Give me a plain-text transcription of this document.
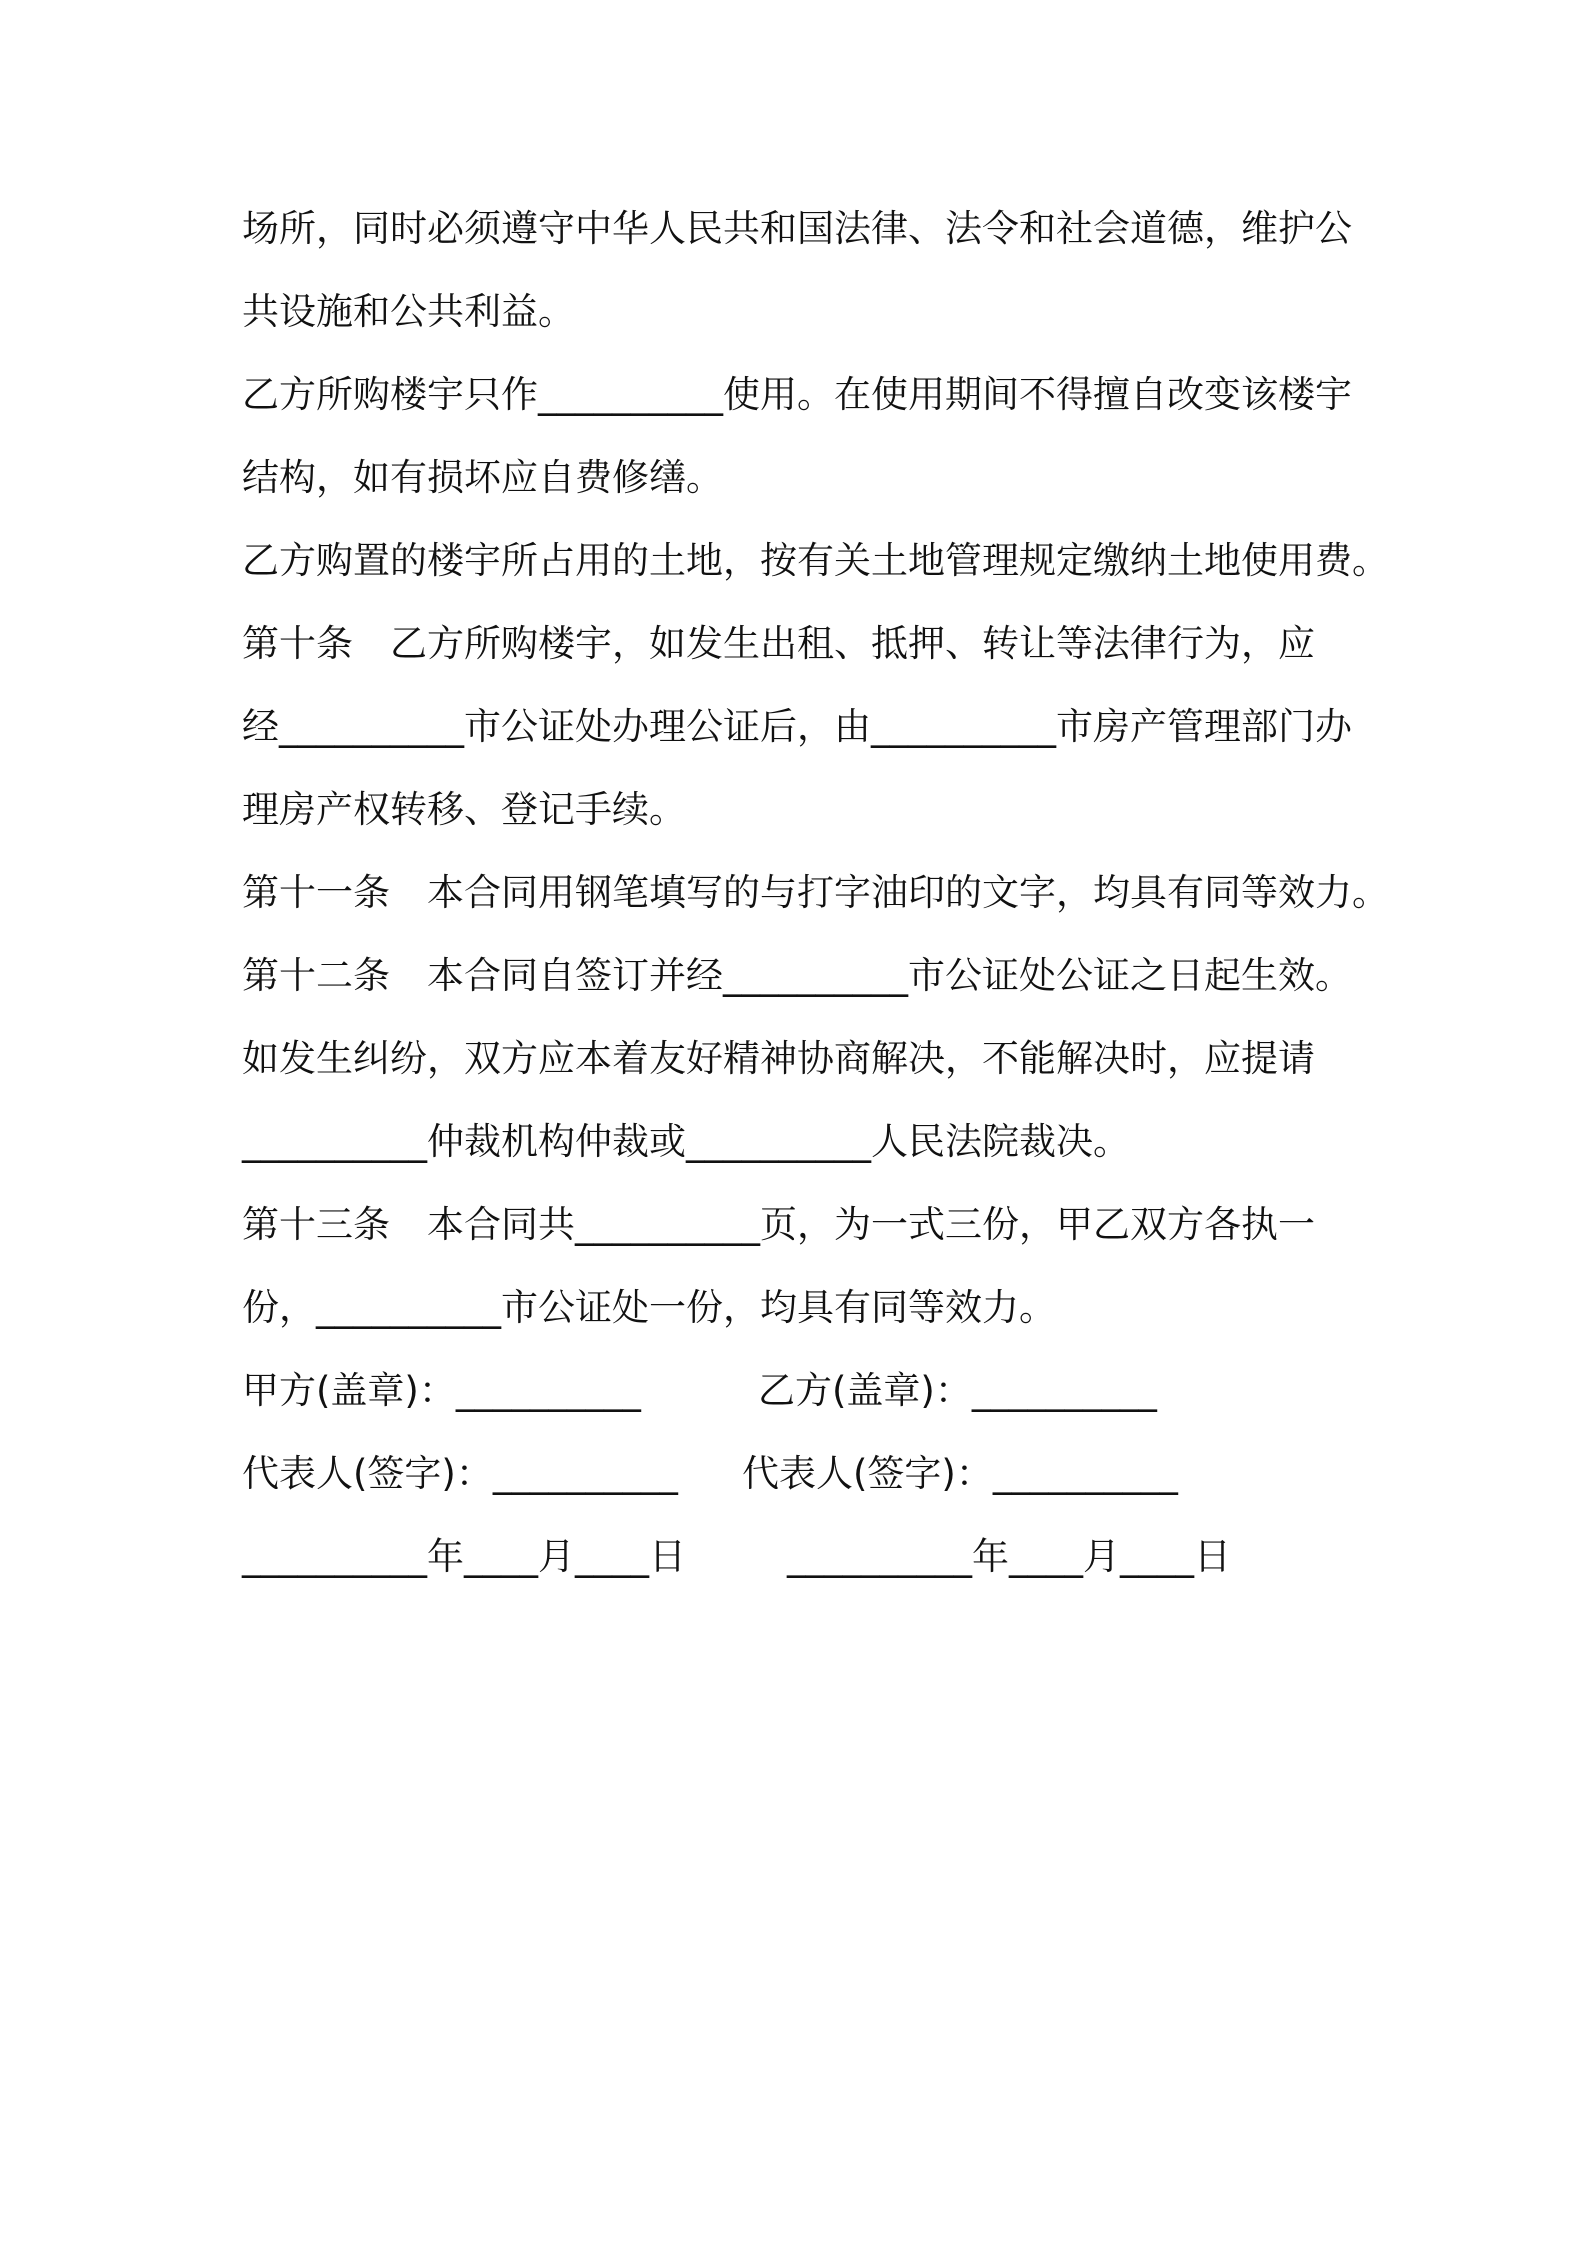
场所，同时必须遵守中华人民共和国法律、法令和社会道德，维护公
共设施和公共利益。
乙方所购楼宇只作__________使用。在使用期间不得擅自改变该楼宇
结构，如有损坏应自费修缮。
乙方购置的楼宇所占用的土地，按有关土地管理规定缴纳土地使用费。
第十条　乙方所购楼宇，如发生出租、抵押、转让等法律行为，应
经__________市公证处办理公证后，由__________市房产管理部门办
理房产权转移、登记手续。
第十一条　本合同用钢笔填写的与打字油印的文字，均具有同等效力。
第十二条　本合同自签订并经__________市公证处公证之日起生效。
如发生纠纷，双方应本着友好精神协商解决，不能解决时，应提请
__________仲裁机构仲裁或__________人民法院裁决。
第十三条　本合同共__________页，为一式三份，甲乙双方各执一
份，__________市公证处一份，均具有同等效力。
甲方(盖章)：__________	乙方(盖章)：__________
代表人(签字)：__________	代表人(签字)：__________
__________年____月____日	__________年____月____日
